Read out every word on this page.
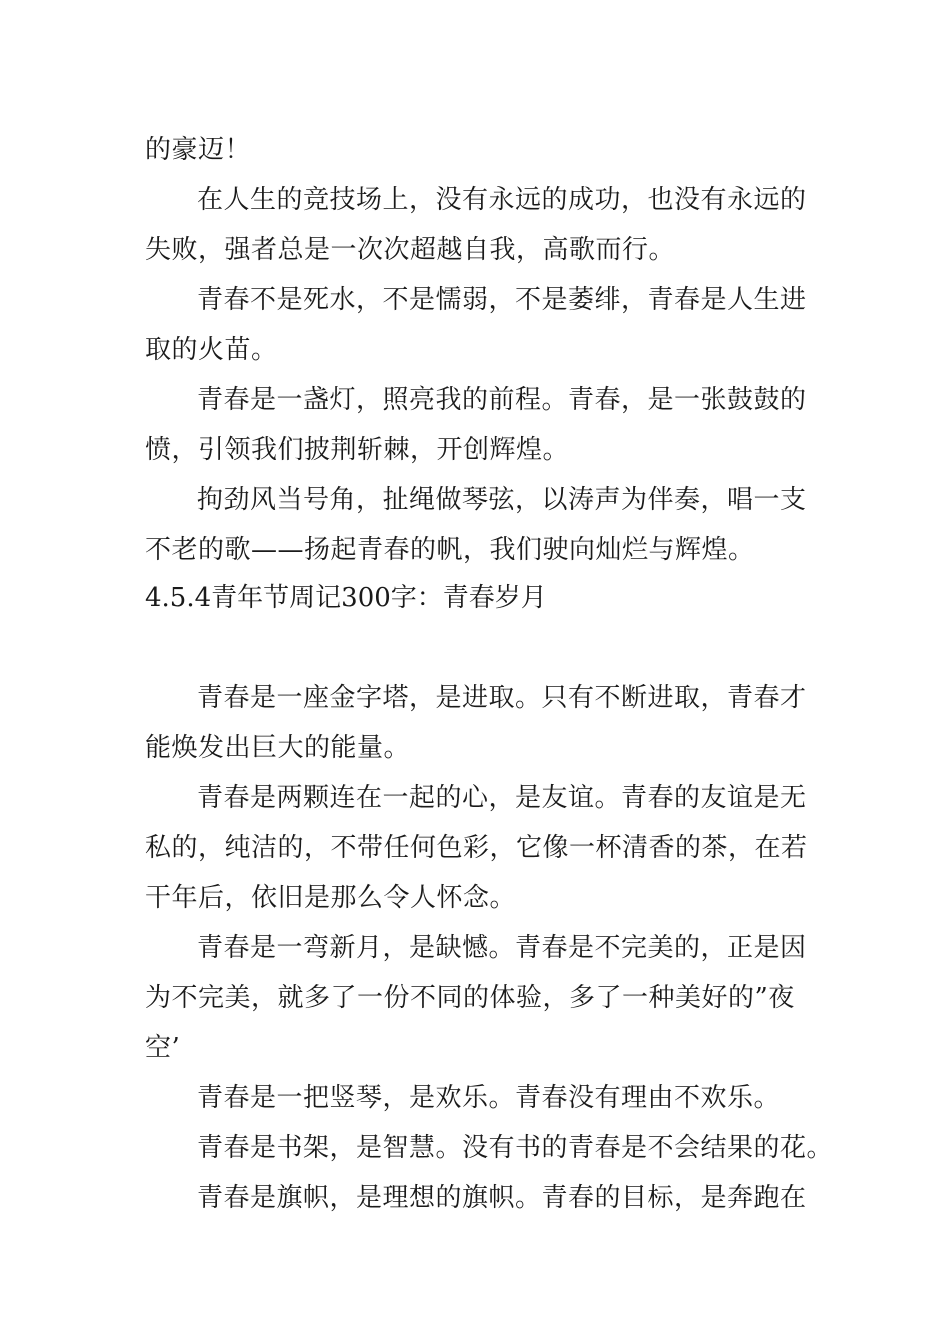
的豪迈！
在人生的竞技场上，没有永远的成功，也没有永远的
失败，强者总是一次次超越自我，高歌而行。
青春不是死水，不是懦弱，不是萎绯，青春是人生进
取的火苗。
青春是一盏灯，照亮我的前程。青春，是一张鼓鼓的
愤，引领我们披荆斩棘，开创辉煌。
拘劲风当号角，扯绳做琴弦，以涛声为伴奏，唱一支
不老的歌——扬起青春的帆，我们驶向灿烂与辉煌。
4.5.4青年节周记300字：青春岁月
青春是一座金字塔，是进取。只有不断进取，青春才
能焕发出巨大的能量。
青春是两颗连在一起的心，是友谊。青春的友谊是无
私的，纯洁的，不带任何色彩，它像一杯清香的茶，在若
干年后，依旧是那么令人怀念。
青春是一弯新月，是缺憾。青春是不完美的，正是因
为不完美，就多了一份不同的体验，多了一种美好的”夜
空’
青春是一把竖琴，是欢乐。青春没有理由不欢乐。
青春是书架，是智慧。没有书的青春是不会结果的花。
青春是旗帜，是理想的旗帜。青春的目标，是奔跑在
